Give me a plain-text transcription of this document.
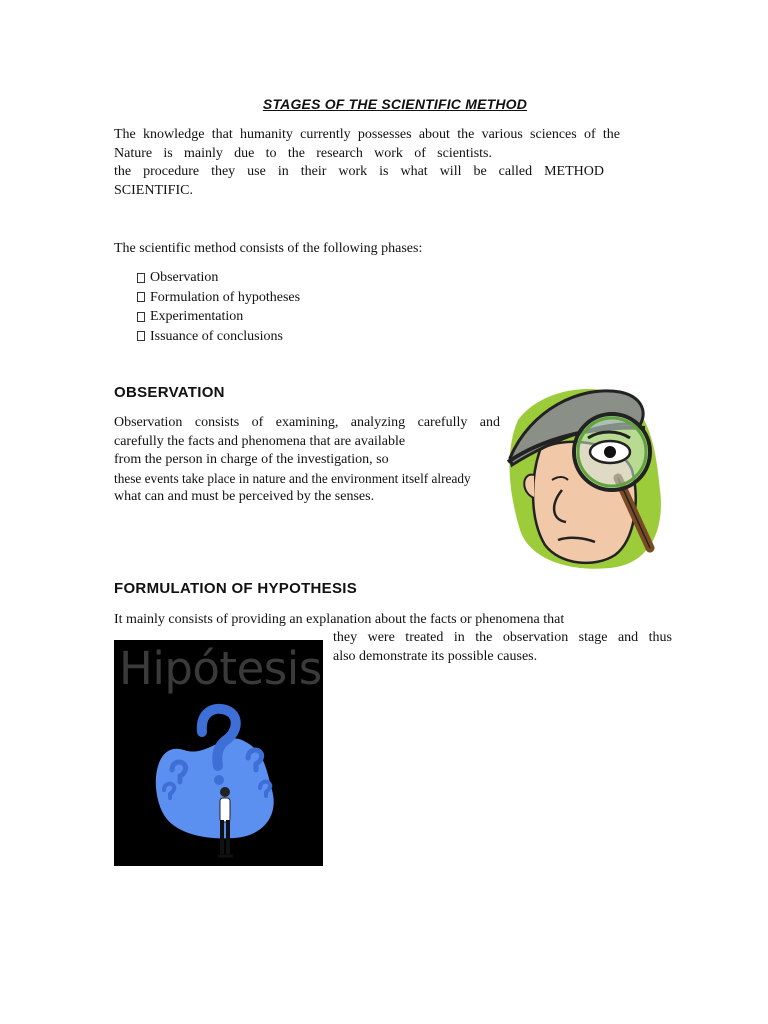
STAGES OF THE SCIENTIFIC METHOD
The knowledge that humanity currently possesses about the various sciences of the
Nature is mainly due to the research work of scientists.
the procedure they use in their work is what will be called METHOD
SCIENTIFIC.
The scientific method consists of the following phases:
Observation
Formulation of hypotheses
Experimentation
Issuance of conclusions
OBSERVATION
Observation consists of examining, analyzing carefully and
carefully the facts and phenomena that are available
from the person in charge of the investigation, so
these events take place in nature and the environment itself already
what can and must be perceived by the senses.
FORMULATION OF HYPOTHESIS
It mainly consists of providing an explanation about the facts or phenomena that
they were treated in the observation stage and thus
also demonstrate its possible causes.
Hipótesis
